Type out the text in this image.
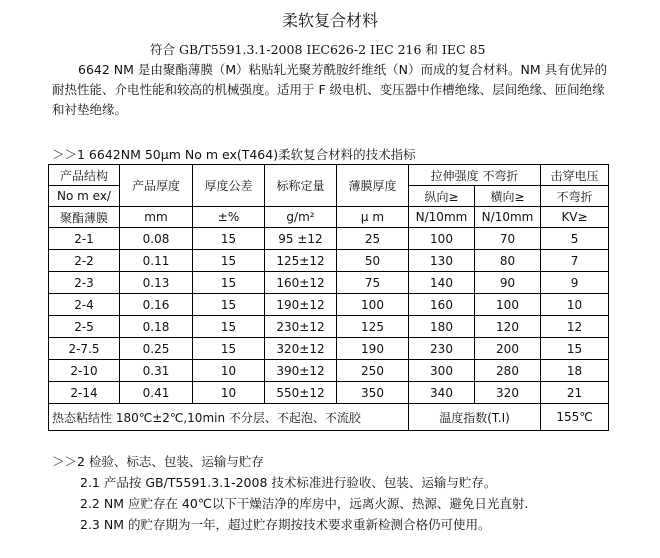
柔软复合材料
符合 GB/T5591.3.1-2008 IEC626-2 IEC 216 和 IEC 85
6642 NM 是由聚酯薄膜（M）粘贴轧光聚芳酰胺纤维纸（N）而成的复合材料。NM 具有优异的耐热性能、介电性能和较高的机械强度。适用于 F 级电机、变压器中作槽绝缘、层间绝缘、匝间绝缘和衬垫绝缘。
＞＞1 6642NM 50μm No m ex(T464)柔软复合材料的技术指标
产品结构	产品厚度	厚度公差	标称定量	薄膜厚度	拉伸强度 不弯折		击穿电压
No m ex/					纵向≥	横向≥	不弯折
聚酯薄膜	mm	±%	g/m²	μ m	N/10mm	N/10mm	KV≥
2-1	0.08	15	95 ±12	25	100	70	5
2-2	0.11	15	125±12	50	130	80	7
2-3	0.13	15	160±12	75	140	90	9
2-4	0.16	15	190±12	100	160	100	10
2-5	0.18	15	230±12	125	180	120	12
2-7.5	0.25	15	320±12	190	230	200	15
2-10	0.31	10	390±12	250	300	280	18
2-14	0.41	10	550±12	350	340	320	21
热态粘结性 180℃±2℃,10min 不分层、不起泡、不流胶					温度指数(T.I)		155℃
＞＞2 检验、标志、包装、运输与贮存
2.1 产品按 GB/T5591.3.1-2008 技术标准进行验收、包装、运输与贮存。
2.2 NM 应贮存在 40℃以下干燥洁净的库房中，远离火源、热源、避免日光直射.
2.3 NM 的贮存期为一年，超过贮存期按技术要求重新检测合格仍可使用。
